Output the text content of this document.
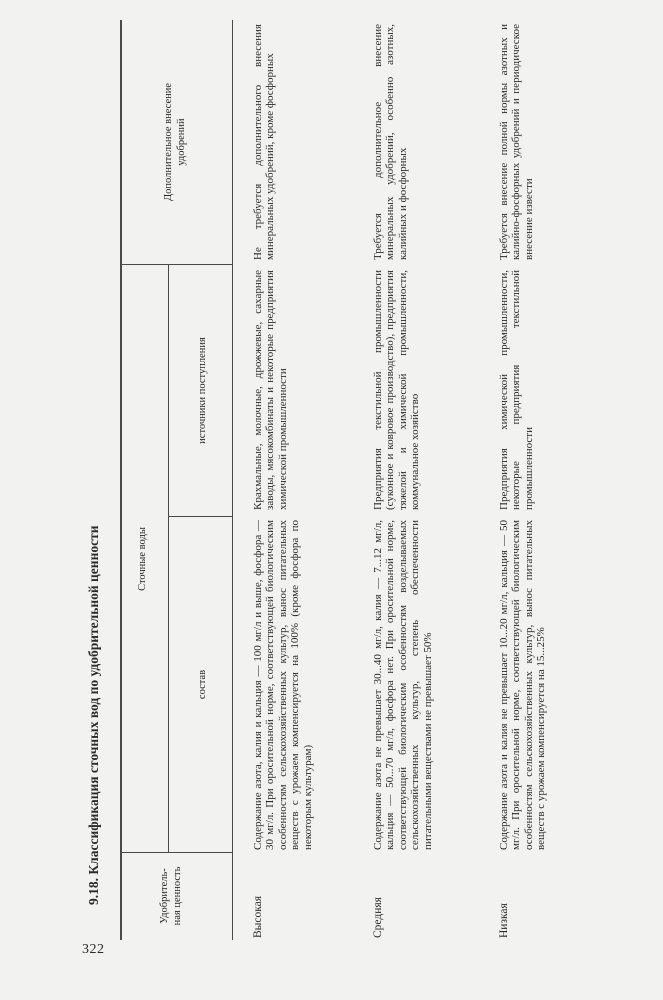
322
9.18. Классификация сточных вод по удобрительной ценности	Удобритель-
ная ценность
Сточные воды
состав
источники поступления
Дополнительное внесение
удобрений
Высокая
Содержание азота, калия и кальция — 100 мг/л и выше, фосфора — 30 мг/л. При оросительной норме, соответствующей биологическим особенностям сельскохозяйственных культур, вынос питательных веществ с урожаем компенсируется на 100% (кроме фосфора по некоторым культурам)
Крахмальные, молочные, дрожжевые, сахарные заводы, мясокомбинаты и некоторые предприятия химической промышленности
Не требуется дополнительного внесения минеральных удобрений, кроме фосфорных
Средняя
Содержание азота не превышает 30...40 мг/л, калия — 7...12 мг/л, кальция — 50...70 мг/л, фосфора нет. При оросительной норме, соответствующей биологическим особенностям возделываемых сельскохозяйственных культур, степень обеспеченности питательными веществами не превышает 50%
Предприятия текстильной промышленности (суконное и ковровое производство), предприятия тяжелой и химической промышленности, коммунальное хозяйство
Требуется дополнительное внесение минеральных удобрений, особенно азотных, калийных и фосфорных
Низкая
Содержание азота и калия не превышает 10...20 мг/л, кальция — 50 мг/л. При оросительной норме, соответствующей биологическим особенностям сельскохозяйственных культур, вынос питательных веществ с урожаем компенсируется на 15...25%
Предприятия химической промышленности, некоторые предприятия текстильной промышленности
Требуется внесение полной нормы азотных и калийно-фосфорных удобрений и периодическое внесение извести
